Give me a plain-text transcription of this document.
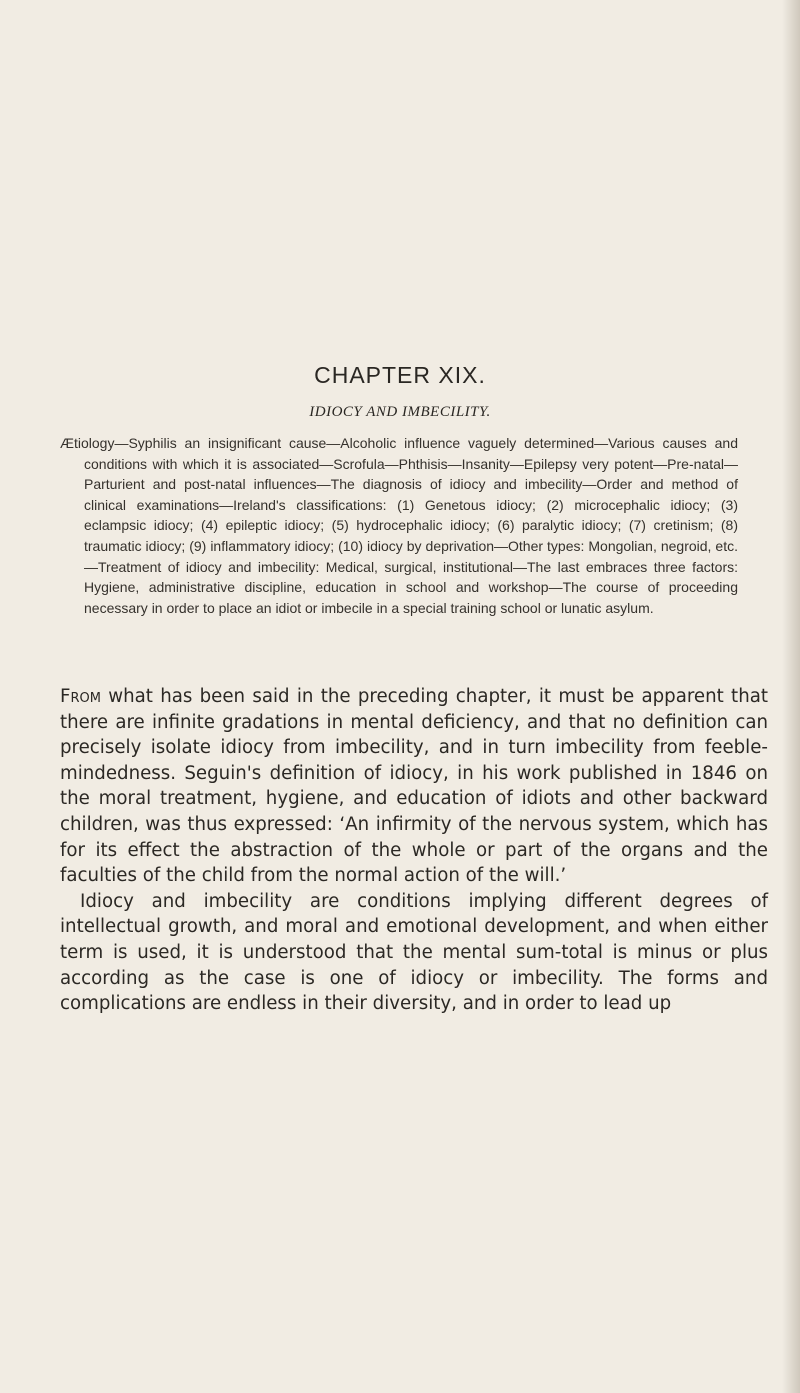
CHAPTER XIX.
IDIOCY AND IMBECILITY.
Ætiology—Syphilis an insignificant cause—Alcoholic influence vaguely determined—Various causes and conditions with which it is associated—Scrofula—Phthisis—Insanity—Epilepsy very potent—Pre-natal—Parturient and post-natal influences—The diagnosis of idiocy and imbecility—Order and method of clinical examinations—Ireland's classifications: (1) Genetous idiocy; (2) microcephalic idiocy; (3) eclampsic idiocy; (4) epileptic idiocy; (5) hydrocephalic idiocy; (6) paralytic idiocy; (7) cretinism; (8) traumatic idiocy; (9) inflammatory idiocy; (10) idiocy by deprivation—Other types: Mongolian, negroid, etc.—Treatment of idiocy and imbecility: Medical, surgical, institutional—The last embraces three factors: Hygiene, administrative discipline, education in school and workshop—The course of proceeding necessary in order to place an idiot or imbecile in a special training school or lunatic asylum.

From what has been said in the preceding chapter, it must be apparent that there are infinite gradations in mental deficiency, and that no definition can precisely isolate idiocy from imbecility, and in turn imbecility from feeble-mindedness. Seguin's definition of idiocy, in his work published in 1846 on the moral treatment, hygiene, and education of idiots and other backward children, was thus expressed: ‘An infirmity of the nervous system, which has for its effect the abstraction of the whole or part of the organs and the faculties of the child from the normal action of the will.’

Idiocy and imbecility are conditions implying different degrees of intellectual growth, and moral and emotional development, and when either term is used, it is understood that the mental sum-total is minus or plus according as the case is one of idiocy or imbecility. The forms and complications are endless in their diversity, and in order to lead up
